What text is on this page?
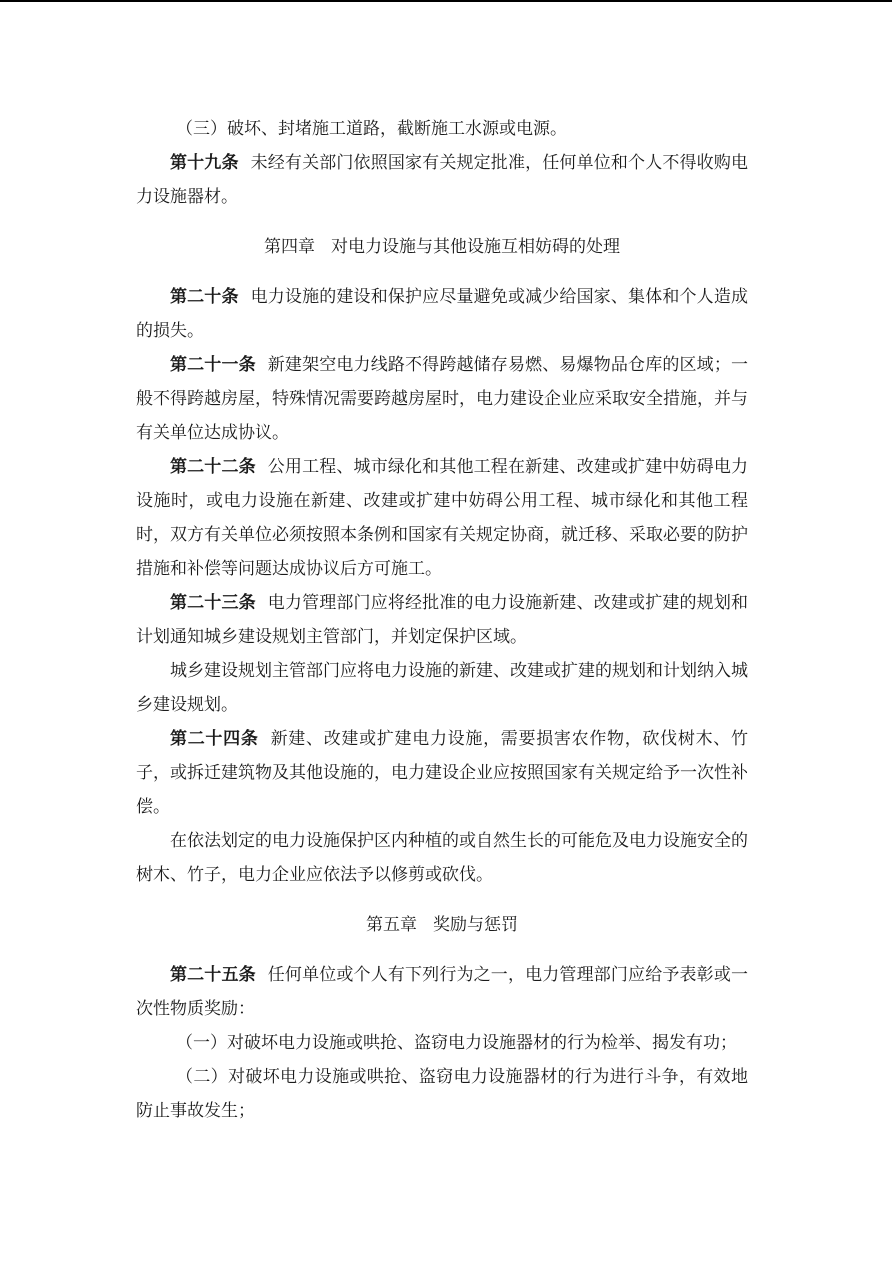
（三）破坏、封堵施工道路，截断施工水源或电源。

第十九条 未经有关部门依照国家有关规定批准，任何单位和个人不得收购电力设施器材。

第四章 对电力设施与其他设施互相妨碍的处理

第二十条 电力设施的建设和保护应尽量避免或减少给国家、集体和个人造成的损失。

第二十一条 新建架空电力线路不得跨越储存易燃、易爆物品仓库的区域；一般不得跨越房屋，特殊情况需要跨越房屋时，电力建设企业应采取安全措施，并与有关单位达成协议。

第二十二条 公用工程、城市绿化和其他工程在新建、改建或扩建中妨碍电力设施时，或电力设施在新建、改建或扩建中妨碍公用工程、城市绿化和其他工程时，双方有关单位必须按照本条例和国家有关规定协商，就迁移、采取必要的防护措施和补偿等问题达成协议后方可施工。

第二十三条 电力管理部门应将经批准的电力设施新建、改建或扩建的规划和计划通知城乡建设规划主管部门，并划定保护区域。

城乡建设规划主管部门应将电力设施的新建、改建或扩建的规划和计划纳入城乡建设规划。

第二十四条 新建、改建或扩建电力设施，需要损害农作物，砍伐树木、竹子，或拆迁建筑物及其他设施的，电力建设企业应按照国家有关规定给予一次性补偿。

在依法划定的电力设施保护区内种植的或自然生长的可能危及电力设施安全的树木、竹子，电力企业应依法予以修剪或砍伐。

第五章 奖励与惩罚

第二十五条 任何单位或个人有下列行为之一，电力管理部门应给予表彰或一次性物质奖励：

（一）对破坏电力设施或哄抢、盗窃电力设施器材的行为检举、揭发有功；

（二）对破坏电力设施或哄抢、盗窃电力设施器材的行为进行斗争，有效地防止事故发生；
